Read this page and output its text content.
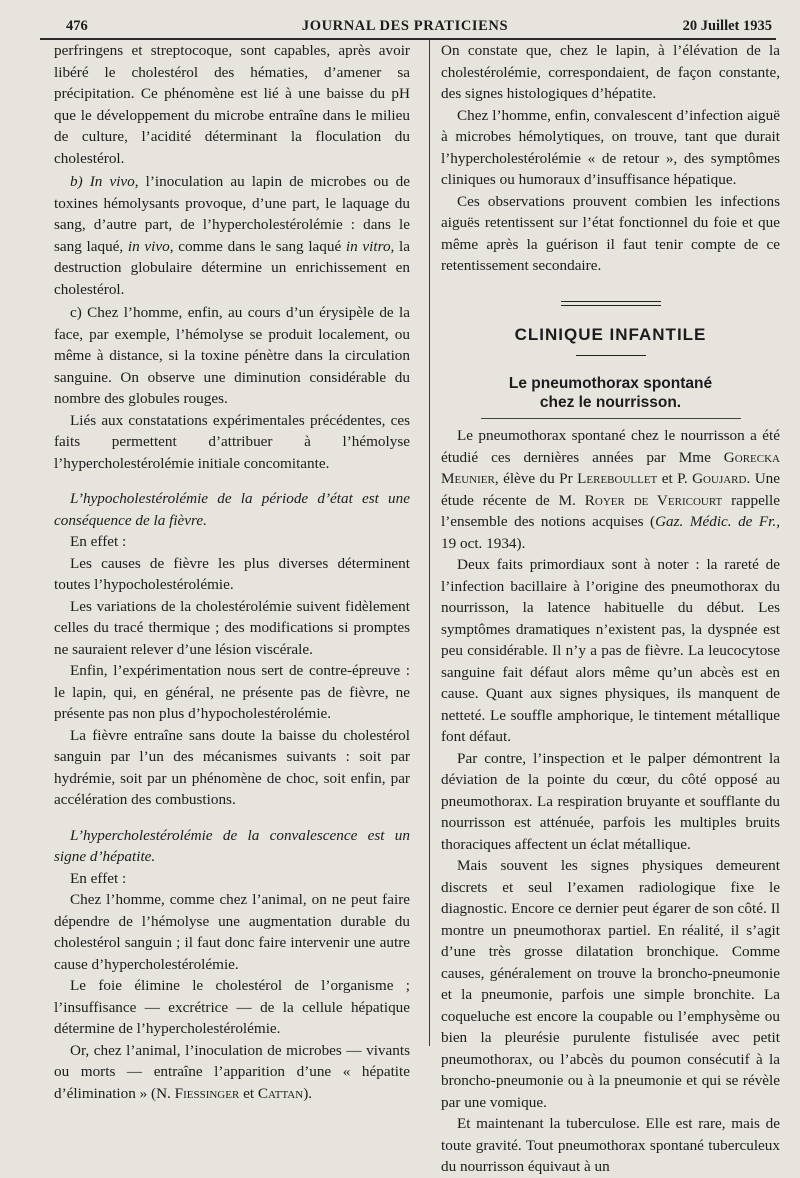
476	JOURNAL DES PRATICIENS	20 Juillet 1935

perfringens et streptocoque, sont capables, après avoir libéré le cholestérol des hématies, d’amener sa précipitation. Ce phénomène est lié à une baisse du pH que le développement du microbe entraîne dans le milieu de culture, l’acidité déterminant la floculation du cholestérol.

b) In vivo, l’inoculation au lapin de microbes ou de toxines hémolysants provoque, d’une part, le laquage du sang, d’autre part, de l’hypercholestérolémie : dans le sang laqué, in vivo, comme dans le sang laqué in vitro, la destruction globulaire détermine un enrichissement en cholestérol.

c) Chez l’homme, enfin, au cours d’un érysipèle de la face, par exemple, l’hémolyse se produit localement, ou même à distance, si la toxine pénètre dans la circulation sanguine. On observe une diminution considérable du nombre des globules rouges.

Liés aux constatations expérimentales précédentes, ces faits permettent d’attribuer à l’hémolyse l’hypercholestérolémie initiale concomitante.

L’hypocholestérolémie de la période d’état est une conséquence de la fièvre.

En effet :

Les causes de fièvre les plus diverses déterminent toutes l’hypocholestérolémie.

Les variations de la cholestérolémie suivent fidèlement celles du tracé thermique ; des modifications si promptes ne sauraient relever d’une lésion viscérale.

Enfin, l’expérimentation nous sert de contre-épreuve : le lapin, qui, en général, ne présente pas de fièvre, ne présente pas non plus d’hypocholestérolémie.

La fièvre entraîne sans doute la baisse du cholestérol sanguin par l’un des mécanismes suivants : soit par hydrémie, soit par un phénomène de choc, soit enfin, par accélération des combustions.

L’hypercholestérolémie de la convalescence est un signe d’hépatite.

En effet :

Chez l’homme, comme chez l’animal, on ne peut faire dépendre de l’hémolyse une augmentation durable du cholestérol sanguin ; il faut donc faire intervenir une autre cause d’hypercholestérolémie.

Le foie élimine le cholestérol de l’organisme ; l’insuffisance — excrétrice — de la cellule hépatique détermine de l’hypercholestérolémie.

Or, chez l’animal, l’inoculation de microbes — vivants ou morts — entraîne l’apparition d’une « hépatite d’élimination » (N. Fiessinger et Cattan).

On constate que, chez le lapin, à l’élévation de la cholestérolémie, correspondaient, de façon constante, des signes histologiques d’hépatite.

Chez l’homme, enfin, convalescent d’infection aiguë à microbes hémolytiques, on trouve, tant que durait l’hypercholestérolémie « de retour », des symptômes cliniques ou humoraux d’insuffisance hépatique.

Ces observations prouvent combien les infections aiguës retentissent sur l’état fonctionnel du foie et que même après la guérison il faut tenir compte de ce retentissement secondaire.

CLINIQUE INFANTILE
Le pneumothorax spontané
chez le nourrisson.

Le pneumothorax spontané chez le nourrisson a été étudié ces dernières années par Mme Gorecka Meunier, élève du Pr Lereboullet et P. Goujard. Une étude récente de M. Royer de Vericourt rappelle l’ensemble des notions acquises (Gaz. Médic. de Fr., 19 oct. 1934).

Deux faits primordiaux sont à noter : la rareté de l’infection bacillaire à l’origine des pneumothorax du nourrisson, la latence habituelle du début. Les symptômes dramatiques n’existent pas, la dyspnée est peu considérable. Il n’y a pas de fièvre. La leucocytose sanguine fait défaut alors même qu’un abcès est en cause. Quant aux signes physiques, ils manquent de netteté. Le souffle amphorique, le tintement métallique font défaut.

Par contre, l’inspection et le palper démontrent la déviation de la pointe du cœur, du côté opposé au pneumothorax. La respiration bruyante et soufflante du nourrisson est atténuée, parfois les multiples bruits thoraciques affectent un éclat métallique.

Mais souvent les signes physiques demeurent discrets et seul l’examen radiologique fixe le diagnostic. Encore ce dernier peut égarer de son côté. Il montre un pneumothorax partiel. En réalité, il s’agit d’une très grosse dilatation bronchique. Comme causes, généralement on trouve la broncho-pneumonie et la pneumonie, parfois une simple bronchite. La coqueluche est encore la coupable ou l’emphysème ou bien la pleurésie purulente fistulisée avec petit pneumothorax, ou l’abcès du poumon consécutif à la broncho-pneumonie ou à la pneumonie et qui se révèle par une vomique.

Et maintenant la tuberculose. Elle est rare, mais de toute gravité. Tout pneumothorax spontané tuberculeux du nourrisson équivaut à un
